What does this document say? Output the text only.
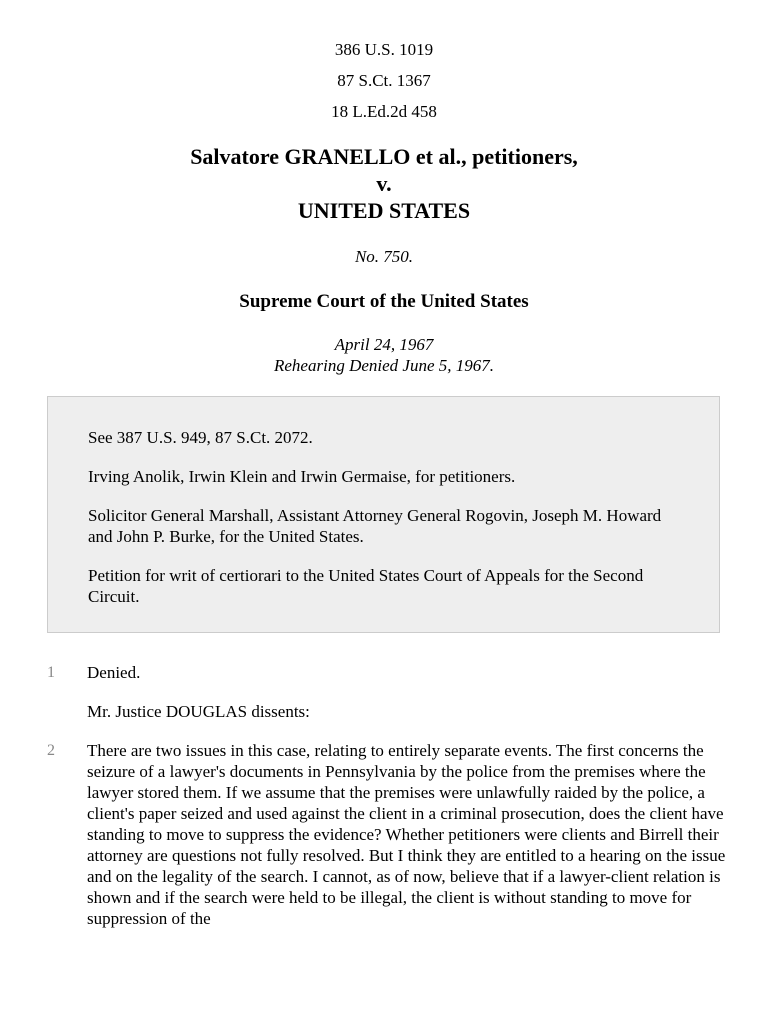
386 U.S. 1019
87 S.Ct. 1367
18 L.Ed.2d 458
Salvatore GRANELLO et al., petitioners,
v.
UNITED STATES
No. 750.
Supreme Court of the United States
April 24, 1967
Rehearing Denied June 5, 1967.

See 387 U.S. 949, 87 S.Ct. 2072.

Irving Anolik, Irwin Klein and Irwin Germaise, for petitioners.

Solicitor General Marshall, Assistant Attorney General Rogovin, Joseph M. Howard and John P. Burke, for the United States.

Petition for writ of certiorari to the United States Court of Appeals for the Second Circuit.

1 Denied.
Mr. Justice DOUGLAS dissents:
2 There are two issues in this case, relating to entirely separate events. The first concerns the seizure of a lawyer's documents in Pennsylvania by the police from the premises where the lawyer stored them. If we assume that the premises were unlawfully raided by the police, a client's paper seized and used against the client in a criminal prosecution, does the client have standing to move to suppress the evidence? Whether petitioners were clients and Birrell their attorney are questions not fully resolved. But I think they are entitled to a hearing on the issue and on the legality of the search. I cannot, as of now, believe that if a lawyer-client relation is shown and if the search were held to be illegal, the client is without standing to move for suppression of the
